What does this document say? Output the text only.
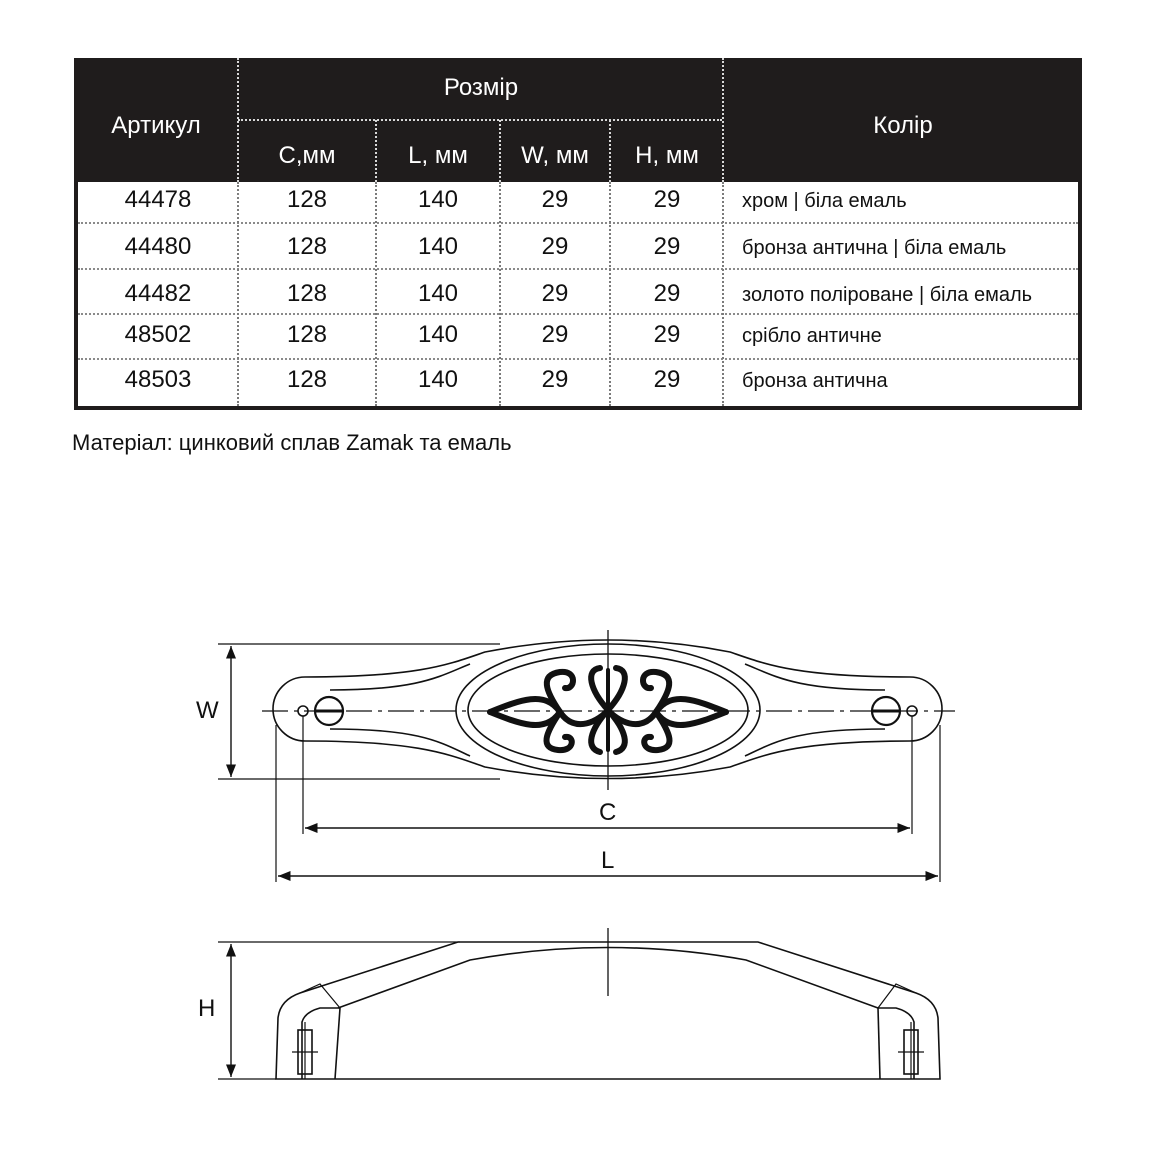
Артикул
Розмір
Колір
C,мм	L, мм	W, мм	H, мм
44478	128	140	29	29	хром | біла емаль
44480	128	140	29	29	бронза антична | біла емаль
44482	128	140	29	29	золото поліроване | біла емаль
48502	128	140	29	29	срібло античне
48503	128	140	29	29	бронза антична
Матеріал: цинковий сплав Zamak та емаль
W
C
L
H
